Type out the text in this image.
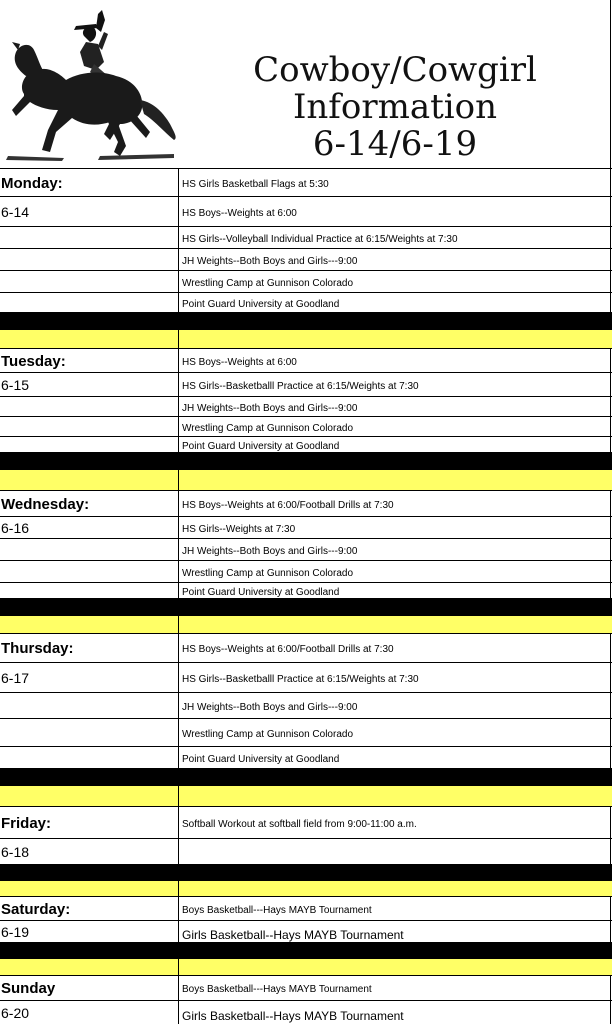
Cowboy/Cowgirl
Information
6-14/6-19
Monday:	HS Girls Basketball Flags at 5:30
6-14	HS Boys--Weights at 6:00
HS Girls--Volleyball Individual Practice at 6:15/Weights at 7:30
JH Weights--Both Boys and Girls---9:00
Wrestling Camp at Gunnison Colorado
Point Guard University at Goodland
Tuesday:	HS Boys--Weights at 6:00
6-15	HS Girls--Basketballl Practice at 6:15/Weights at 7:30
JH Weights--Both Boys and Girls---9:00
Wrestling Camp at Gunnison Colorado
Point Guard University at Goodland
Wednesday:	HS Boys--Weights at 6:00/Football Drills at 7:30
6-16	HS Girls--Weights at 7:30
JH Weights--Both Boys and Girls---9:00
Wrestling Camp at Gunnison Colorado
Point Guard University at Goodland
Thursday:	HS Boys--Weights at 6:00/Football Drills at 7:30
6-17	HS Girls--Basketballl Practice at 6:15/Weights at 7:30
JH Weights--Both Boys and Girls---9:00
Wrestling Camp at Gunnison Colorado
Point Guard University at Goodland
Friday:	Softball Workout at softball field from 9:00-11:00 a.m.
6-18
Saturday:	Boys Basketball---Hays MAYB Tournament
6-19	Girls Basketball--Hays MAYB Tournament
Sunday	Boys Basketball---Hays MAYB Tournament
6-20	Girls Basketball--Hays MAYB Tournament
